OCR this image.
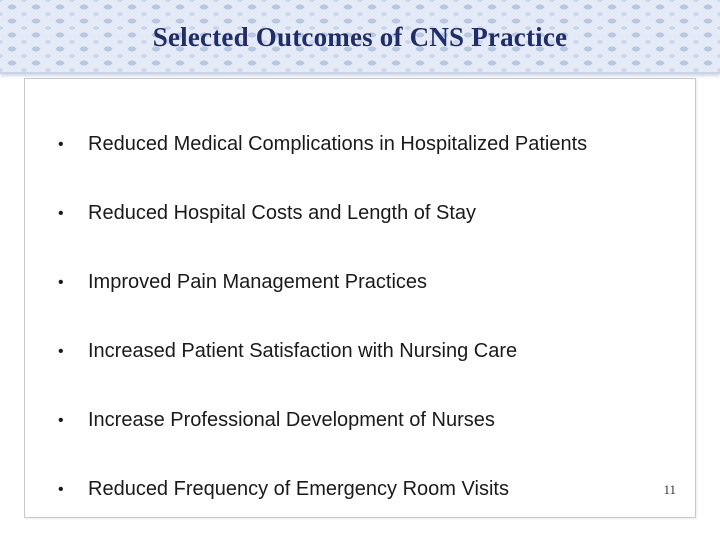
Selected Outcomes of CNS Practice
•	Reduced Medical Complications in Hospitalized Patients
•	Reduced Hospital Costs and Length of Stay
•	Improved Pain Management Practices
•	Increased Patient Satisfaction with Nursing Care
•	Increase Professional Development of Nurses
•	Reduced Frequency of Emergency Room Visits	11
